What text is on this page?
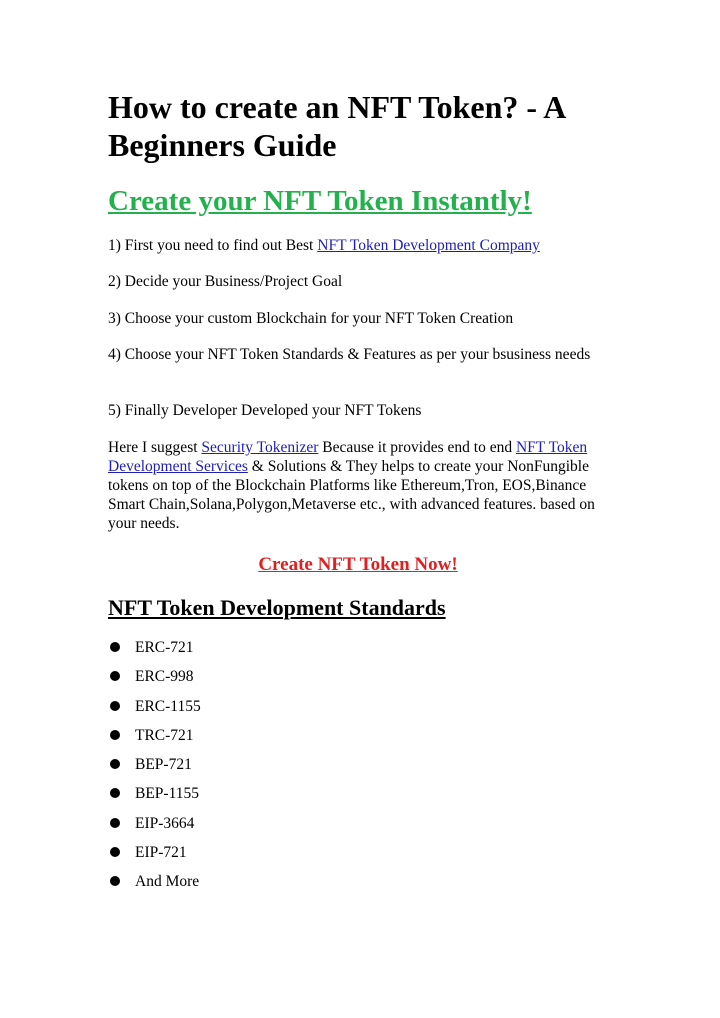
How to create an NFT Token? - A Beginners Guide
Create your NFT Token Instantly!

1) First you need to find out Best NFT Token Development Company

2) Decide your Business/Project Goal

3) Choose your custom Blockchain for your NFT Token Creation

4) Choose your NFT Token Standards & Features as per your bsusiness needs

5) Finally Developer Developed your NFT Tokens

Here I suggest Security Tokenizer Because it provides end to end NFT Token Development Services & Solutions & They helps to create your NonFungible tokens on top of the Blockchain Platforms like Ethereum,Tron, EOS,Binance Smart Chain,Solana,Polygon,Metaverse etc., with advanced features. based on your needs.

Create NFT Token Now!
NFT Token Development Standards
ERC-721
ERC-998
ERC-1155
TRC-721
BEP-721
BEP-1155
EIP-3664
EIP-721
And More
